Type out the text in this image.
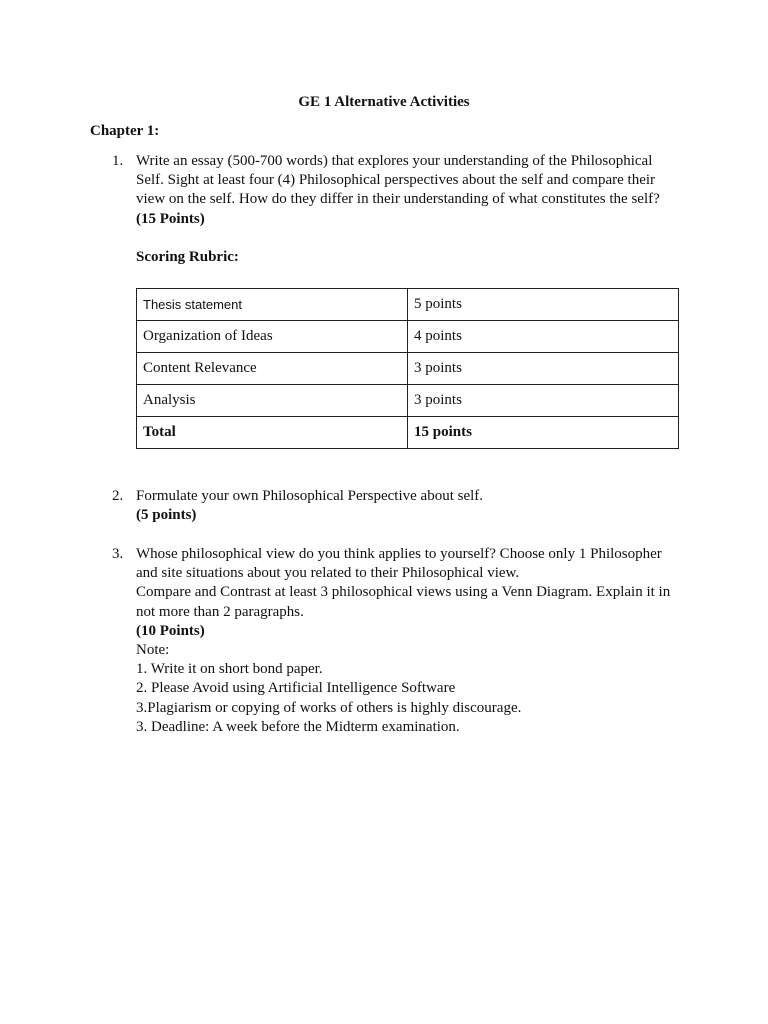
GE 1 Alternative Activities
Chapter 1:
1. Write an essay (500-700 words) that explores your understanding of the Philosophical
Self. Sight at least four (4) Philosophical perspectives about the self and compare their
view on the self. How do they differ in their understanding of what constitutes the self?
(15 Points)
Scoring Rubric:
Thesis statement	5 points
Organization of Ideas	4 points
Content Relevance	3 points
Analysis	3 points
Total	15 points
2. Formulate your own Philosophical Perspective about self.
(5 points)
3. Whose philosophical view do you think applies to yourself? Choose only 1 Philosopher
and site situations about you related to their Philosophical view.
Compare and Contrast at least 3 philosophical views using a Venn Diagram. Explain it in
not more than 2 paragraphs.
(10 Points)
Note:
1. Write it on short bond paper.
2. Please Avoid using Artificial Intelligence Software
3.Plagiarism or copying of works of others is highly discourage.
3. Deadline: A week before the Midterm examination.
